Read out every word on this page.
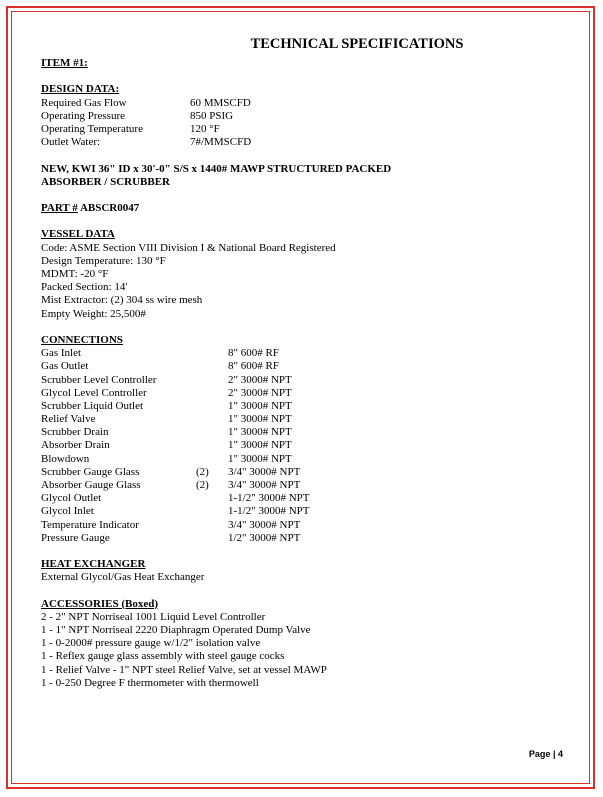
TECHNICAL SPECIFICATIONS
ITEM #1:
DESIGN DATA:
Required Gas Flow	60 MMSCFD
Operating Pressure	850 PSIG
Operating Temperature	120 °F
Outlet Water:	7#/MMSCFD
NEW, KWI 36" ID x 30'-0" S/S x 1440# MAWP STRUCTURED PACKED
ABSORBER / SCRUBBER
PART # ABSCR0047
VESSEL DATA
Code: ASME Section VIII Division I & National Board Registered
Design Temperature: 130 °F
MDMT: -20 °F
Packed Section: 14'
Mist Extractor: (2) 304 ss wire mesh
Empty Weight: 25,500#
CONNECTIONS
Gas Inlet	8" 600# RF
Gas Outlet	8" 600# RF
Scrubber Level Controller	2" 3000# NPT
Glycol Level Controller	2" 3000# NPT
Scrubber Liquid Outlet	1" 3000# NPT
Relief Valve	1" 3000# NPT
Scrubber Drain	1" 3000# NPT
Absorber Drain	1" 3000# NPT
Blowdown	1" 3000# NPT
Scrubber Gauge Glass	(2) 3/4" 3000# NPT
Absorber Gauge Glass	(2) 3/4" 3000# NPT
Glycol Outlet	1-1/2" 3000# NPT
Glycol Inlet	1-1/2" 3000# NPT
Temperature Indicator	3/4" 3000# NPT
Pressure Gauge	1/2" 3000# NPT
HEAT EXCHANGER
External Glycol/Gas Heat Exchanger
ACCESSORIES (Boxed)
2 - 2" NPT Norriseal 1001 Liquid Level Controller
1 - 1" NPT Norriseal 2220 Diaphragm Operated Dump Valve
1 - 0-2000# pressure gauge w/1/2" isolation valve
1 - Reflex gauge glass assembly with steel gauge cocks
1 - Relief Valve - 1" NPT steel Relief Valve, set at vessel MAWP
1 - 0-250 Degree F thermometer with thermowell
Page | 4
